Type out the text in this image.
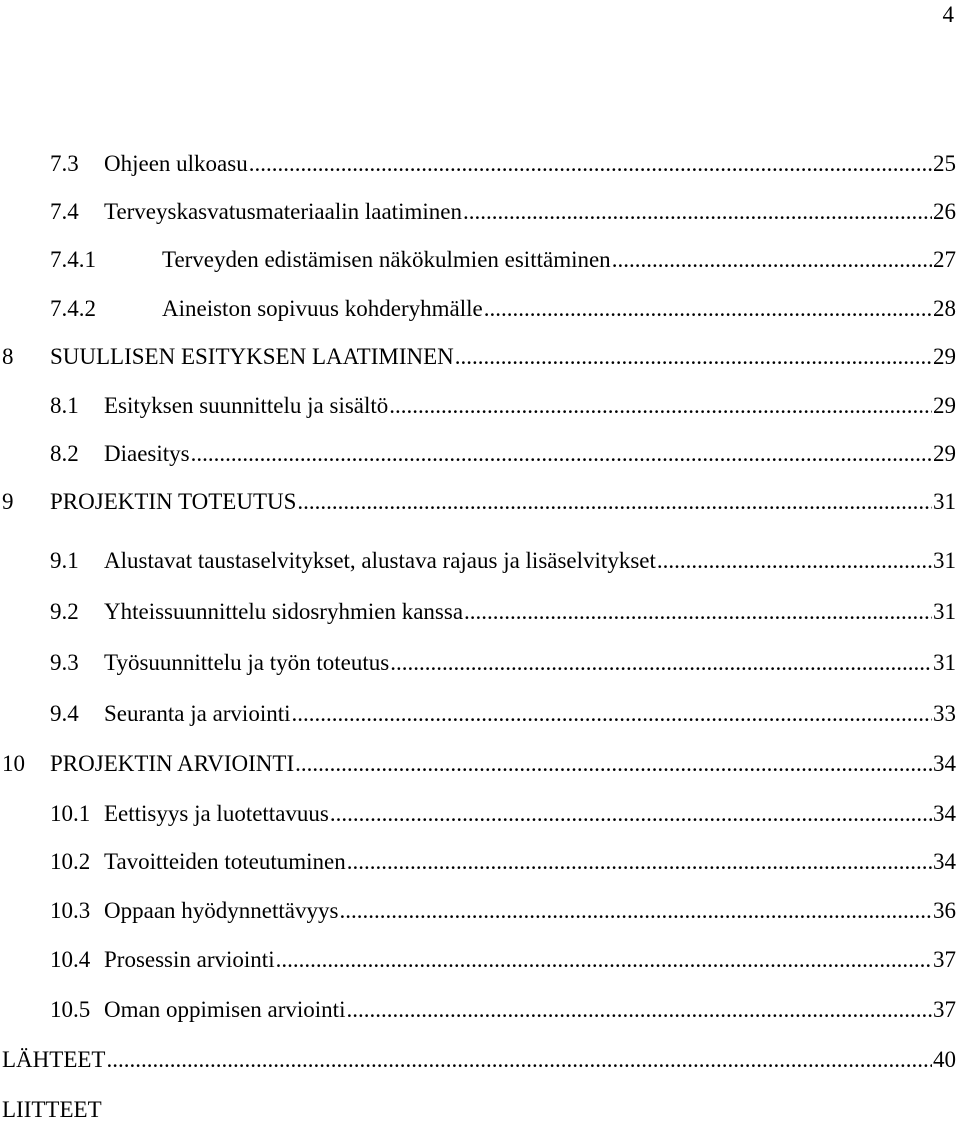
4
7.3	Ohjeen ulkoasu .....	25
7.4	Terveyskasvatusmateriaalin laatiminen .....	26
7.4.1	Terveyden edistämisen näkökulmien esittäminen .....	27
7.4.2	Aineiston sopivuus kohderyhmälle .....	28
8	SUULLISEN ESITYKSEN LAATIMINEN .....	29
8.1	Esityksen suunnittelu ja sisältö .....	29
8.2	Diaesitys .....	29
9	PROJEKTIN TOTEUTUS .....	31
9.1	Alustavat taustaselvitykset, alustava rajaus ja lisäselvitykset .....	31
9.2	Yhteissuunnittelu sidosryhmien kanssa .....	31
9.3	Työsuunnittelu ja työn toteutus .....	31
9.4	Seuranta ja arviointi .....	33
10	PROJEKTIN ARVIOINTI .....	34
10.1 Eettisyys ja luotettavuus .....	34
10.2 Tavoitteiden toteutuminen .....	34
10.3 Oppaan hyödynnettävyys .....	36
10.4 Prosessin arviointi .....	37
10.5 Oman oppimisen arviointi .....	37
LÄHTEET .....	40
LIITTEET
